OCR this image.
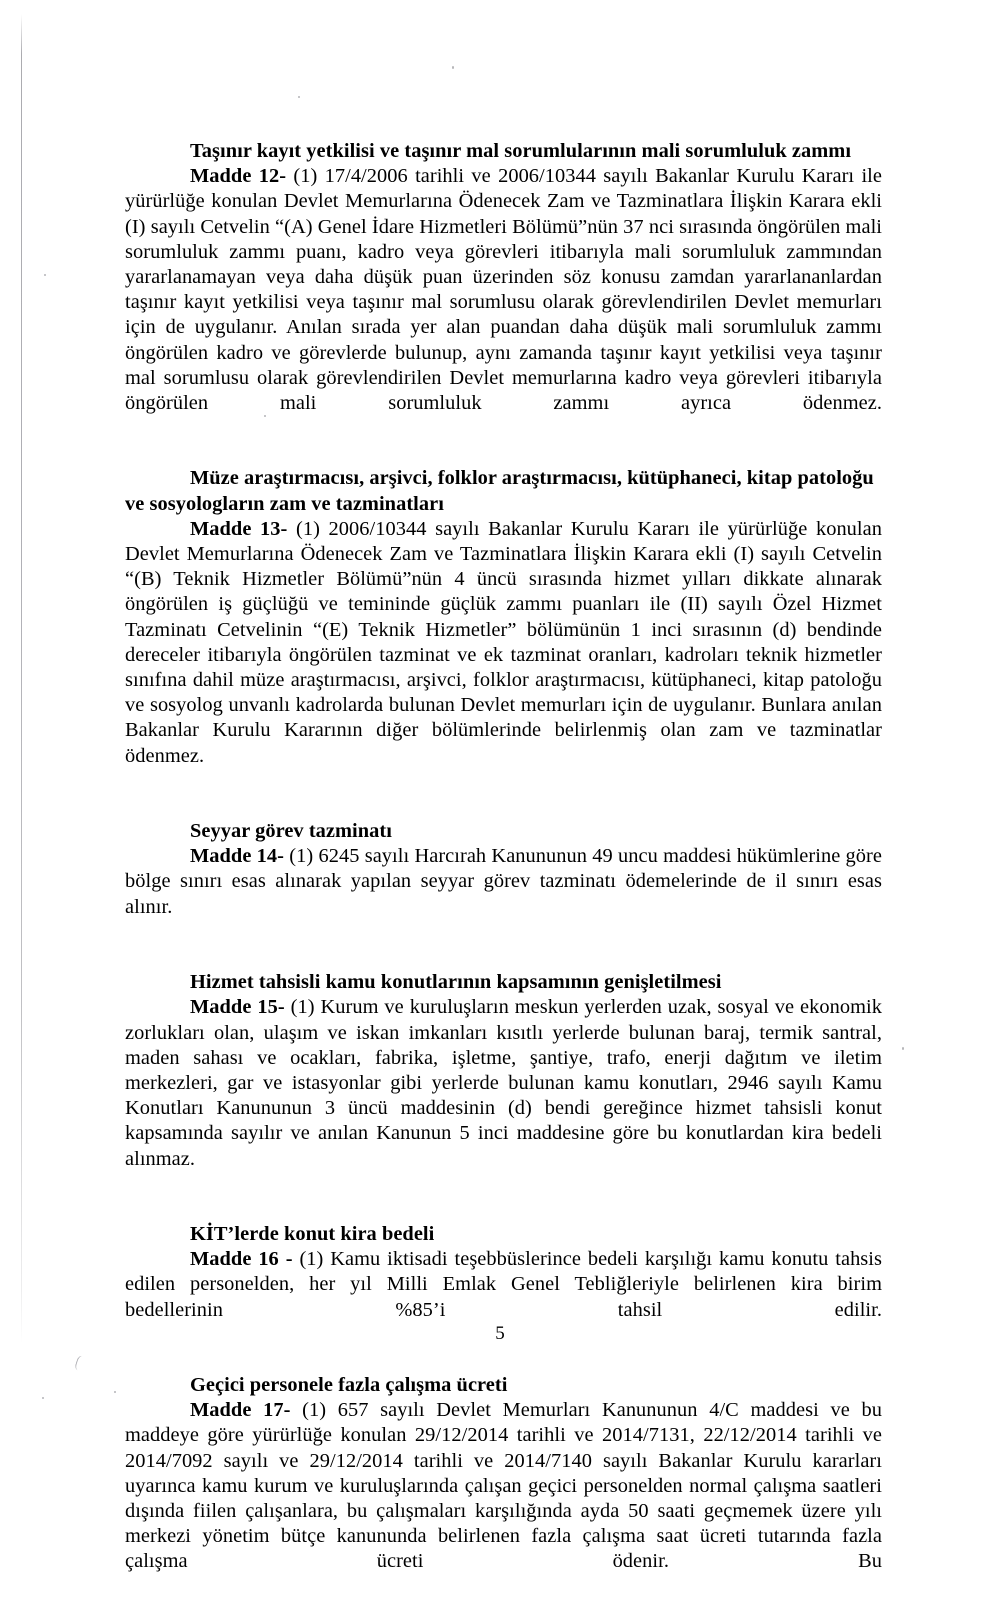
Taşınır kayıt yetkilisi ve taşınır mal sorumlularının mali sorumluluk zammı

Madde 12- (1) 17/4/2006 tarihli ve 2006/10344 sayılı Bakanlar Kurulu Kararı ile yürürlüğe konulan Devlet Memurlarına Ödenecek Zam ve Tazminatlara İlişkin Karara ekli (I) sayılı Cetvelin “(A) Genel İdare Hizmetleri Bölümü”nün 37 nci sırasında öngörülen mali sorumluluk zammı puanı, kadro veya görevleri itibarıyla mali sorumluluk zammından yararlanamayan veya daha düşük puan üzerinden söz konusu zamdan yararlananlardan taşınır kayıt yetkilisi veya taşınır mal sorumlusu olarak görevlendirilen Devlet memurları için de uygulanır. Anılan sırada yer alan puandan daha düşük mali sorumluluk zammı öngörülen kadro ve görevlerde bulunup, aynı zamanda taşınır kayıt yetkilisi veya taşınır mal sorumlusu olarak görevlendirilen Devlet memurlarına kadro veya görevleri itibarıyla öngörülen mali sorumluluk zammı ayrıca ödenmez.

Müze araştırmacısı, arşivci, folklor araştırmacısı, kütüphaneci, kitap patoloğu ve sosyologların zam ve tazminatları

Madde 13- (1) 2006/10344 sayılı Bakanlar Kurulu Kararı ile yürürlüğe konulan Devlet Memurlarına Ödenecek Zam ve Tazminatlara İlişkin Karara ekli (I) sayılı Cetvelin “(B) Teknik Hizmetler Bölümü”nün 4 üncü sırasında hizmet yılları dikkate alınarak öngörülen iş güçlüğü ve temininde güçlük zammı puanları ile (II) sayılı Özel Hizmet Tazminatı Cetvelinin “(E) Teknik Hizmetler” bölümünün 1 inci sırasının (d) bendinde dereceler itibarıyla öngörülen tazminat ve ek tazminat oranları, kadroları teknik hizmetler sınıfına dahil müze araştırmacısı, arşivci, folklor araştırmacısı, kütüphaneci, kitap patoloğu ve sosyolog unvanlı kadrolarda bulunan Devlet memurları için de uygulanır. Bunlara anılan Bakanlar Kurulu Kararının diğer bölümlerinde belirlenmiş olan zam ve tazminatlar ödenmez.

Seyyar görev tazminatı

Madde 14- (1) 6245 sayılı Harcırah Kanununun 49 uncu maddesi hükümlerine göre bölge sınırı esas alınarak yapılan seyyar görev tazminatı ödemelerinde de il sınırı esas alınır.

Hizmet tahsisli kamu konutlarının kapsamının genişletilmesi

Madde 15- (1) Kurum ve kuruluşların meskun yerlerden uzak, sosyal ve ekonomik zorlukları olan, ulaşım ve iskan imkanları kısıtlı yerlerde bulunan baraj, termik santral, maden sahası ve ocakları, fabrika, işletme, şantiye, trafo, enerji dağıtım ve iletim merkezleri, gar ve istasyonlar gibi yerlerde bulunan kamu konutları, 2946 sayılı Kamu Konutları Kanununun 3 üncü maddesinin (d) bendi gereğince hizmet tahsisli konut kapsamında sayılır ve anılan Kanunun 5 inci maddesine göre bu konutlardan kira bedeli alınmaz.

KİT’lerde konut kira bedeli

Madde 16 - (1) Kamu iktisadi teşebbüslerince bedeli karşılığı kamu konutu tahsis edilen personelden, her yıl Milli Emlak Genel Tebliğleriyle belirlenen kira birim bedellerinin %85’i tahsil edilir.

Geçici personele fazla çalışma ücreti

Madde 17- (1) 657 sayılı Devlet Memurları Kanununun 4/C maddesi ve bu maddeye göre yürürlüğe konulan 29/12/2014 tarihli ve 2014/7131, 22/12/2014 tarihli ve 2014/7092 sayılı ve 29/12/2014 tarihli ve 2014/7140 sayılı Bakanlar Kurulu kararları uyarınca kamu kurum ve kuruluşlarında çalışan geçici personelden normal çalışma saatleri dışında fiilen çalışanlara, bu çalışmaları karşılığında ayda 50 saati geçmemek üzere yılı merkezi yönetim bütçe kanununda belirlenen fazla çalışma saat ücreti tutarında fazla çalışma ücreti ödenir. Bu

5
